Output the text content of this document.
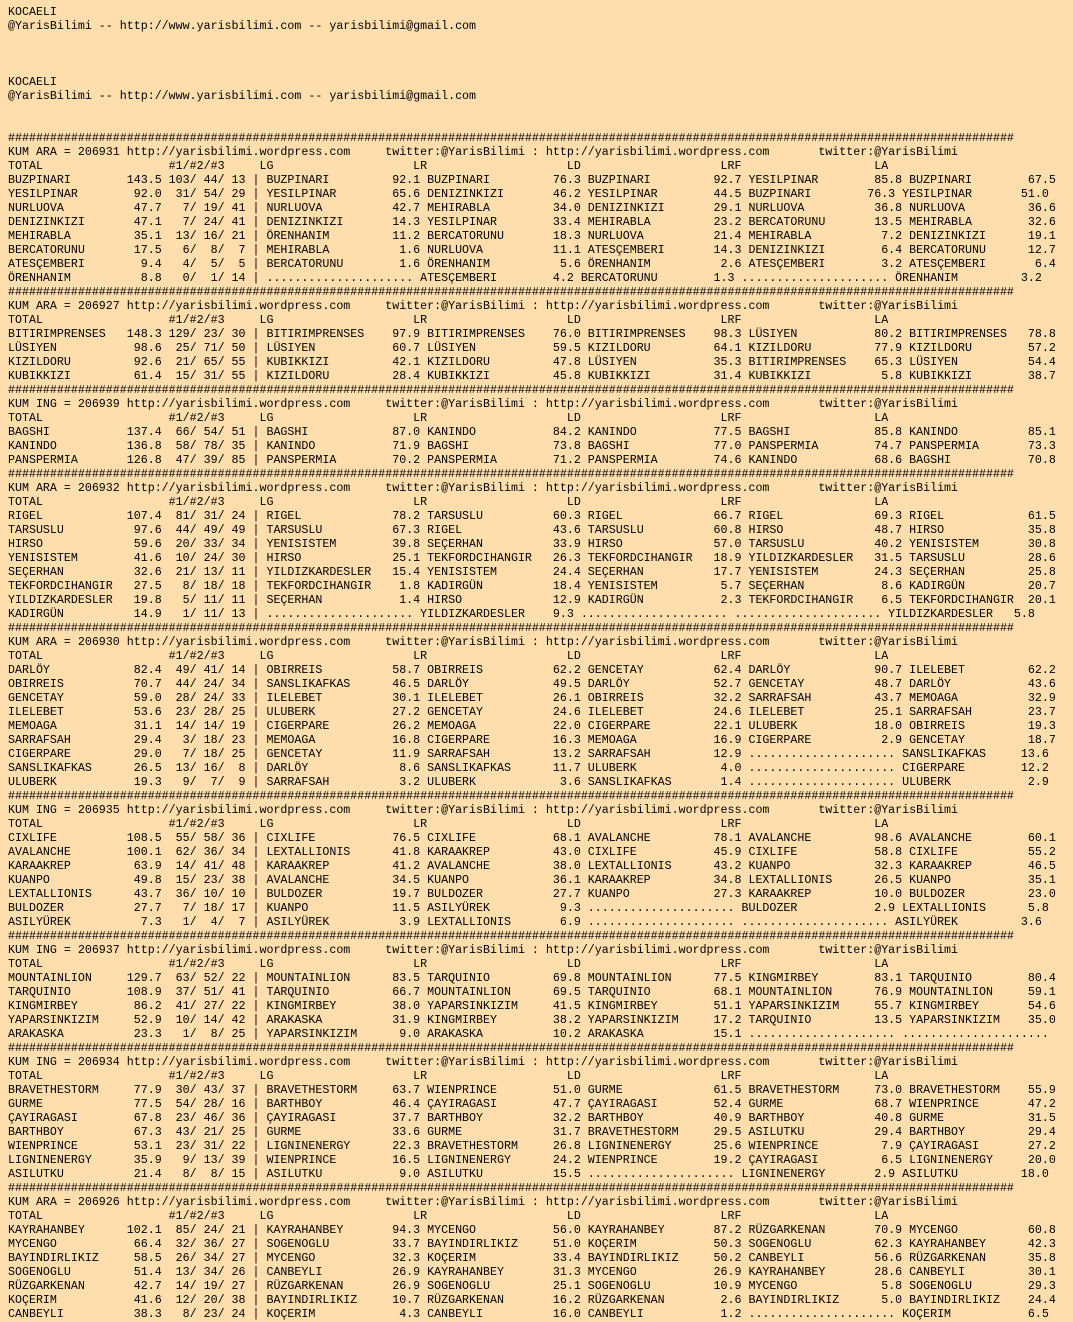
KOCAELI
@YarisBilimi -- http://www.yarisbilimi.com -- yarisbilimi@gmail.com

KOCAELI
@YarisBilimi -- http://www.yarisbilimi.com -- yarisbilimi@gmail.com

################################################################################################################################################
KUM ARA = 206931 http://yarisbilimi.wordpress.com     twitter:@YarisBilimi : http://yarisbilimi.wordpress.com       twitter:@YarisBilimi
TOTAL                  #1/#2/#3     LG                    LR                    LD                    LRF                   LA
BUZPINARI        143.5 103/ 44/ 13 | BUZPINARI         92.1 BUZPINARI         76.3 BUZPINARI         92.7 YESILPINAR        85.8 BUZPINARI        67.5
YESILPINAR        92.0  31/ 54/ 29 | YESILPINAR        65.6 DENIZINKIZI       46.2 YESILPINAR        44.5 BUZPINARI        76.3 YESILPINAR       51.0
NURLUOVA          47.7   7/ 19/ 41 | NURLUOVA          42.7 MEHIRABLA         34.0 DENIZINKIZI       29.1 NURLUOVA          36.8 NURLUOVA         36.6
DENIZINKIZI       47.1   7/ 24/ 41 | DENIZINKIZI       14.3 YESILPINAR        33.4 MEHIRABLA         23.2 BERCATORUNU       13.5 MEHIRABLA        32.6
MEHIRABLA         35.1  13/ 16/ 21 | ÖRENHANIM         11.2 BERCATORUNU       18.3 NURLUOVA          21.4 MEHIRABLA          7.2 DENIZINKIZI      19.1
BERCATORUNU       17.5   6/  8/  7 | MEHIRABLA          1.6 NURLUOVA          11.1 ATESÇEMBERI       14.3 DENIZINKIZI        6.4 BERCATORUNU      12.7
ATESÇEMBERI        9.4   4/  5/  5 | BERCATORUNU        1.6 ÖRENHANIM          5.6 ÖRENHANIM          2.6 ATESÇEMBERI        3.2 ATESÇEMBERI       6.4
ÖRENHANIM          8.8   0/  1/ 14 | ..................... ATESÇEMBERI        4.2 BERCATORUNU        1.3 ..................... ÖRENHANIM         3.2
################################################################################################################################################
KUM ARA = 206927 http://yarisbilimi.wordpress.com     twitter:@YarisBilimi : http://yarisbilimi.wordpress.com       twitter:@YarisBilimi
TOTAL                  #1/#2/#3     LG                    LR                    LD                    LRF                   LA
BITIRIMPRENSES   148.3 129/ 23/ 30 | BITIRIMPRENSES    97.9 BITIRIMPRENSES    76.0 BITIRIMPRENSES    98.3 LÜSIYEN           80.2 BITIRIMPRENSES   78.8
LÜSIYEN           98.6  25/ 71/ 50 | LÜSIYEN           60.7 LÜSIYEN           59.5 KIZILDORU         64.1 KIZILDORU         77.9 KIZILDORU        57.2
KIZILDORU         92.6  21/ 65/ 55 | KUBIKKIZI         42.1 KIZILDORU         47.8 LÜSIYEN           35.3 BITIRIMPRENSES    65.3 LÜSIYEN          54.4
KUBIKKIZI         61.4  15/ 31/ 55 | KIZILDORU         28.4 KUBIKKIZI         45.8 KUBIKKIZI         31.4 KUBIKKIZI          5.8 KUBIKKIZI        38.7
################################################################################################################################################
KUM ING = 206939 http://yarisbilimi.wordpress.com     twitter:@YarisBilimi : http://yarisbilimi.wordpress.com       twitter:@YarisBilimi
TOTAL                  #1/#2/#3     LG                    LR                    LD                    LRF                   LA
BAGSHI           137.4  66/ 54/ 51 | BAGSHI            87.0 KANINDO           84.2 KANINDO           77.5 BAGSHI            85.8 KANINDO          85.1
KANINDO          136.8  58/ 78/ 35 | KANINDO           71.9 BAGSHI            73.8 BAGSHI            77.0 PANSPERMIA        74.7 PANSPERMIA       73.3
PANSPERMIA       126.8  47/ 39/ 85 | PANSPERMIA        70.2 PANSPERMIA        71.2 PANSPERMIA        74.6 KANINDO           68.6 BAGSHI           70.8
################################################################################################################################################
KUM ARA = 206932 http://yarisbilimi.wordpress.com     twitter:@YarisBilimi : http://yarisbilimi.wordpress.com       twitter:@YarisBilimi
TOTAL                  #1/#2/#3     LG                    LR                    LD                    LRF                   LA
RIGEL            107.4  81/ 31/ 24 | RIGEL             78.2 TARSUSLU          60.3 RIGEL             66.7 RIGEL             69.3 RIGEL            61.5
TARSUSLU          97.6  44/ 49/ 49 | TARSUSLU          67.3 RIGEL             43.6 TARSUSLU          60.8 HIRSO             48.7 HIRSO            35.8
HIRSO             59.6  20/ 33/ 34 | YENISISTEM        39.8 SEÇERHAN          33.9 HIRSO             57.0 TARSUSLU          40.2 YENISISTEM       30.8
YENISISTEM        41.6  10/ 24/ 30 | HIRSO             25.1 TEKFORDCIHANGIR   26.3 TEKFORDCIHANGIR   18.9 YILDIZKARDESLER   31.5 TARSUSLU         28.6
SEÇERHAN          32.6  21/ 13/ 11 | YILDIZKARDESLER   15.4 YENISISTEM        24.4 SEÇERHAN          17.7 YENISISTEM        24.3 SEÇERHAN         25.8
TEKFORDCIHANGIR   27.5   8/ 18/ 18 | TEKFORDCIHANGIR    1.8 KADIRGÜN          18.4 YENISISTEM         5.7 SEÇERHAN           8.6 KADIRGÜN         20.7
YILDIZKARDESLER   19.8   5/ 11/ 11 | SEÇERHAN           1.4 HIRSO             12.9 KADIRGÜN           2.3 TEKFORDCIHANGIR    6.5 TEKFORDCIHANGIR  20.1
KADIRGÜN          14.9   1/ 11/ 13 | ..................... YILDIZKARDESLER    9.3 ..................... ..................... YILDIZKARDESLER   5.8
################################################################################################################################################
KUM ARA = 206930 http://yarisbilimi.wordpress.com     twitter:@YarisBilimi : http://yarisbilimi.wordpress.com       twitter:@YarisBilimi
TOTAL                  #1/#2/#3     LG                    LR                    LD                    LRF                   LA
DARLÖY            82.4  49/ 41/ 14 | OBIRREIS          58.7 OBIRREIS          62.2 GENCETAY          62.4 DARLÖY            90.7 ILELEBET         62.2
OBIRREIS          70.7  44/ 24/ 34 | SANSLIKAFKAS      46.5 DARLÖY            49.5 DARLÖY            52.7 GENCETAY          48.7 DARLÖY           43.6
GENCETAY          59.0  28/ 24/ 33 | ILELEBET          30.1 ILELEBET          26.1 OBIRREIS          32.2 SARRAFSAH         43.7 MEMOAGA          32.9
ILELEBET          53.6  23/ 28/ 25 | ULUBERK           27.2 GENCETAY          24.6 ILELEBET          24.6 ILELEBET          25.1 SARRAFSAH        23.7
MEMOAGA           31.1  14/ 14/ 19 | CIGERPARE         26.2 MEMOAGA           22.0 CIGERPARE         22.1 ULUBERK           18.0 OBIRREIS         19.3
SARRAFSAH         29.4   3/ 18/ 23 | MEMOAGA           16.8 CIGERPARE         16.3 MEMOAGA           16.9 CIGERPARE          2.9 GENCETAY         18.7
CIGERPARE         29.0   7/ 18/ 25 | GENCETAY          11.9 SARRAFSAH         13.2 SARRAFSAH         12.9 ..................... SANSLIKAFKAS     13.6
SANSLIKAFKAS      26.5  13/ 16/  8 | DARLÖY             8.6 SANSLIKAFKAS      11.7 ULUBERK            4.0 ..................... CIGERPARE        12.2
ULUBERK           19.3   9/  7/  9 | SARRAFSAH          3.2 ULUBERK            3.6 SANSLIKAFKAS       1.4 ..................... ULUBERK           2.9
################################################################################################################################################
KUM ING = 206935 http://yarisbilimi.wordpress.com     twitter:@YarisBilimi : http://yarisbilimi.wordpress.com       twitter:@YarisBilimi
TOTAL                  #1/#2/#3     LG                    LR                    LD                    LRF                   LA
CIXLIFE          108.5  55/ 58/ 36 | CIXLIFE           76.5 CIXLIFE           68.1 AVALANCHE         78.1 AVALANCHE         98.6 AVALANCHE        60.1
AVALANCHE        100.1  62/ 36/ 34 | LEXTALLIONIS      41.8 KARAAKREP         43.0 CIXLIFE           45.9 CIXLIFE           58.8 CIXLIFE          55.2
KARAAKREP         63.9  14/ 41/ 48 | KARAAKREP         41.2 AVALANCHE         38.0 LEXTALLIONIS      43.2 KUANPO            32.3 KARAAKREP        46.5
KUANPO            49.8  15/ 23/ 38 | AVALANCHE         34.5 KUANPO            36.1 KARAAKREP         34.8 LEXTALLIONIS      26.5 KUANPO           35.1
LEXTALLIONIS      43.7  36/ 10/ 10 | BULDOZER          19.7 BULDOZER          27.7 KUANPO            27.3 KARAAKREP         10.0 BULDOZER         23.0
BULDOZER          27.7   7/ 18/ 17 | KUANPO            11.5 ASILYÜREK          9.3 ..................... BULDOZER           2.9 LEXTALLIONIS      5.8
ASILYÜREK          7.3   1/  4/  7 | ASILYÜREK          3.9 LEXTALLIONIS       6.9 ..................... ..................... ASILYÜREK         3.6
################################################################################################################################################
KUM ING = 206937 http://yarisbilimi.wordpress.com     twitter:@YarisBilimi : http://yarisbilimi.wordpress.com       twitter:@YarisBilimi
TOTAL                  #1/#2/#3     LG                    LR                    LD                    LRF                   LA
MOUNTAINLION     129.7  63/ 52/ 22 | MOUNTAINLION      83.5 TARQUINIO         69.8 MOUNTAINLION      77.5 KINGMIRBEY        83.1 TARQUINIO        80.4
TARQUINIO        108.9  37/ 51/ 41 | TARQUINIO         66.7 MOUNTAINLION      69.5 TARQUINIO         68.1 MOUNTAINLION      76.9 MOUNTAINLION     59.1
KINGMIRBEY        86.2  41/ 27/ 22 | KINGMIRBEY        38.0 YAPARSINKIZIM     41.5 KINGMIRBEY        51.1 YAPARSINKIZIM     55.7 KINGMIRBEY       54.6
YAPARSINKIZIM     52.9  10/ 14/ 42 | ARAKASKA          31.9 KINGMIRBEY        38.2 YAPARSINKIZIM     17.2 TARQUINIO         13.5 YAPARSINKIZIM    35.0
ARAKASKA          23.3   1/  8/ 25 | YAPARSINKIZIM      9.0 ARAKASKA          10.2 ARAKASKA          15.1 ..................... .....................
################################################################################################################################################
KUM ING = 206934 http://yarisbilimi.wordpress.com     twitter:@YarisBilimi : http://yarisbilimi.wordpress.com       twitter:@YarisBilimi
TOTAL                  #1/#2/#3     LG                    LR                    LD                    LRF                   LA
BRAVETHESTORM     77.9  30/ 43/ 37 | BRAVETHESTORM     63.7 WIENPRINCE        51.0 GURME             61.5 BRAVETHESTORM     73.0 BRAVETHESTORM    55.9
GURME             77.5  54/ 28/ 16 | BARTHBOY          46.4 ÇAYIRAGASI        47.7 ÇAYIRAGASI        52.4 GURME             68.7 WIENPRINCE       47.2
ÇAYIRAGASI        67.8  23/ 46/ 36 | ÇAYIRAGASI        37.7 BARTHBOY          32.2 BARTHBOY          40.9 BARTHBOY          40.8 GURME            31.5
BARTHBOY          67.3  43/ 21/ 25 | GURME             33.6 GURME             31.7 BRAVETHESTORM     29.5 ASILUTKU          29.4 BARTHBOY         29.4
WIENPRINCE        53.1  23/ 31/ 22 | LIGNINENERGY      22.3 BRAVETHESTORM     26.8 LIGNINENERGY      25.6 WIENPRINCE         7.9 ÇAYIRAGASI       27.2
LIGNINENERGY      35.9   9/ 13/ 39 | WIENPRINCE        16.5 LIGNINENERGY      24.2 WIENPRINCE        19.2 ÇAYIRAGASI         6.5 LIGNINENERGY     20.0
ASILUTKU          21.4   8/  8/ 15 | ASILUTKU           9.0 ASILUTKU          15.5 ..................... LIGNINENERGY       2.9 ASILUTKU         18.0
################################################################################################################################################
KUM ARA = 206926 http://yarisbilimi.wordpress.com     twitter:@YarisBilimi : http://yarisbilimi.wordpress.com       twitter:@YarisBilimi
TOTAL                  #1/#2/#3     LG                    LR                    LD                    LRF                   LA
KAYRAHANBEY      102.1  85/ 24/ 21 | KAYRAHANBEY       94.3 MYCENGO           56.0 KAYRAHANBEY       87.2 RÜZGARKENAN       70.9 MYCENGO          60.8
MYCENGO           66.4  32/ 36/ 27 | SOGENOGLU         33.7 BAYINDIRLIKIZ     51.0 KOÇERIM           50.3 SOGENOGLU         62.3 KAYRAHANBEY      42.3
BAYINDIRLIKIZ     58.5  26/ 34/ 27 | MYCENGO           32.3 KOÇERIM           33.4 BAYINDIRLIKIZ     50.2 CANBEYLI          56.6 RÜZGARKENAN      35.8
SOGENOGLU         51.4  13/ 34/ 26 | CANBEYLI          26.9 KAYRAHANBEY       31.3 MYCENGO           26.9 KAYRAHANBEY       28.6 CANBEYLI         30.1
RÜZGARKENAN       42.7  14/ 19/ 27 | RÜZGARKENAN       26.9 SOGENOGLU         25.1 SOGENOGLU         10.9 MYCENGO            5.8 SOGENOGLU        29.3
KOÇERIM           41.6  12/ 20/ 38 | BAYINDIRLIKIZ     10.7 RÜZGARKENAN       16.2 RÜZGARKENAN        2.6 BAYINDIRLIKIZ      5.0 BAYINDIRLIKIZ    24.4
CANBEYLI          38.3   8/ 23/ 24 | KOÇERIM            4.3 CANBEYLI          16.0 CANBEYLI           1.2 ..................... KOÇERIM           6.5
